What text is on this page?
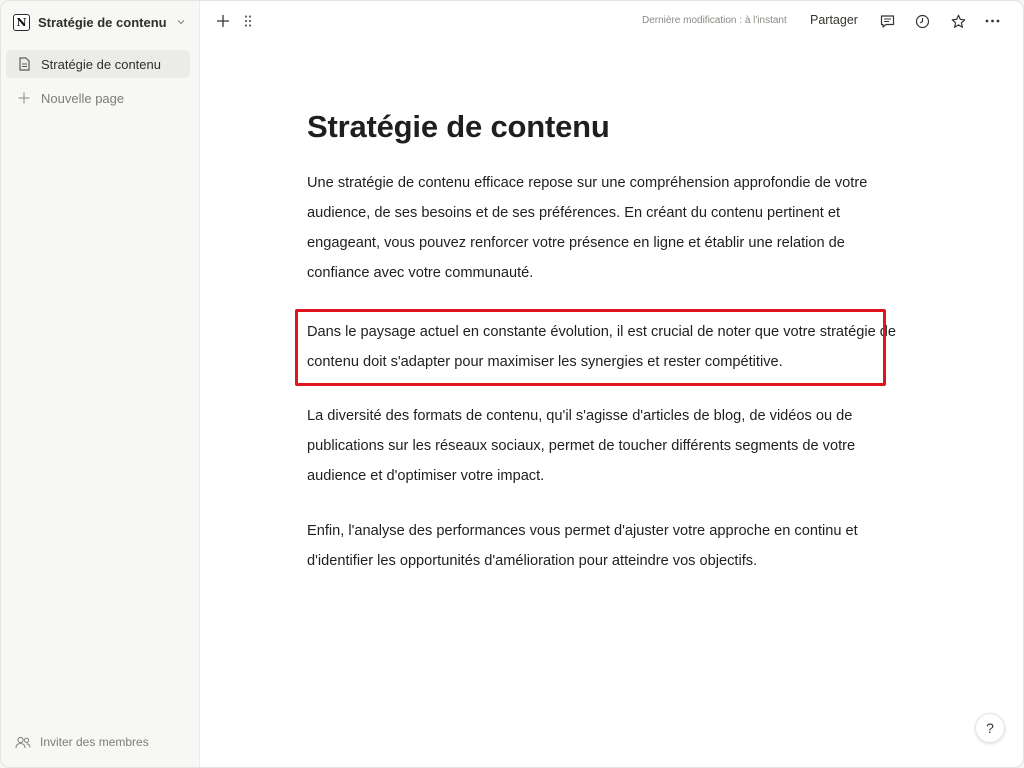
N Stratégie de contenu
Stratégie de contenu
Nouvelle page
Inviter des membres
Dernière modification : à l'instant Partager
Stratégie de contenu

Une stratégie de contenu efficace repose sur une compréhension approfondie de votre audience, de ses besoins et de ses préférences. En créant du contenu pertinent et engageant, vous pouvez renforcer votre présence en ligne et établir une relation de confiance avec votre communauté.

Dans le paysage actuel en constante évolution, il est crucial de noter que votre stratégie de contenu doit s'adapter pour maximiser les synergies et rester compétitive.

La diversité des formats de contenu, qu'il s'agisse d'articles de blog, de vidéos ou de publications sur les réseaux sociaux, permet de toucher différents segments de votre audience et d'optimiser votre impact.

Enfin, l'analyse des performances vous permet d'ajuster votre approche en continu et d'identifier les opportunités d'amélioration pour atteindre vos objectifs.

?
